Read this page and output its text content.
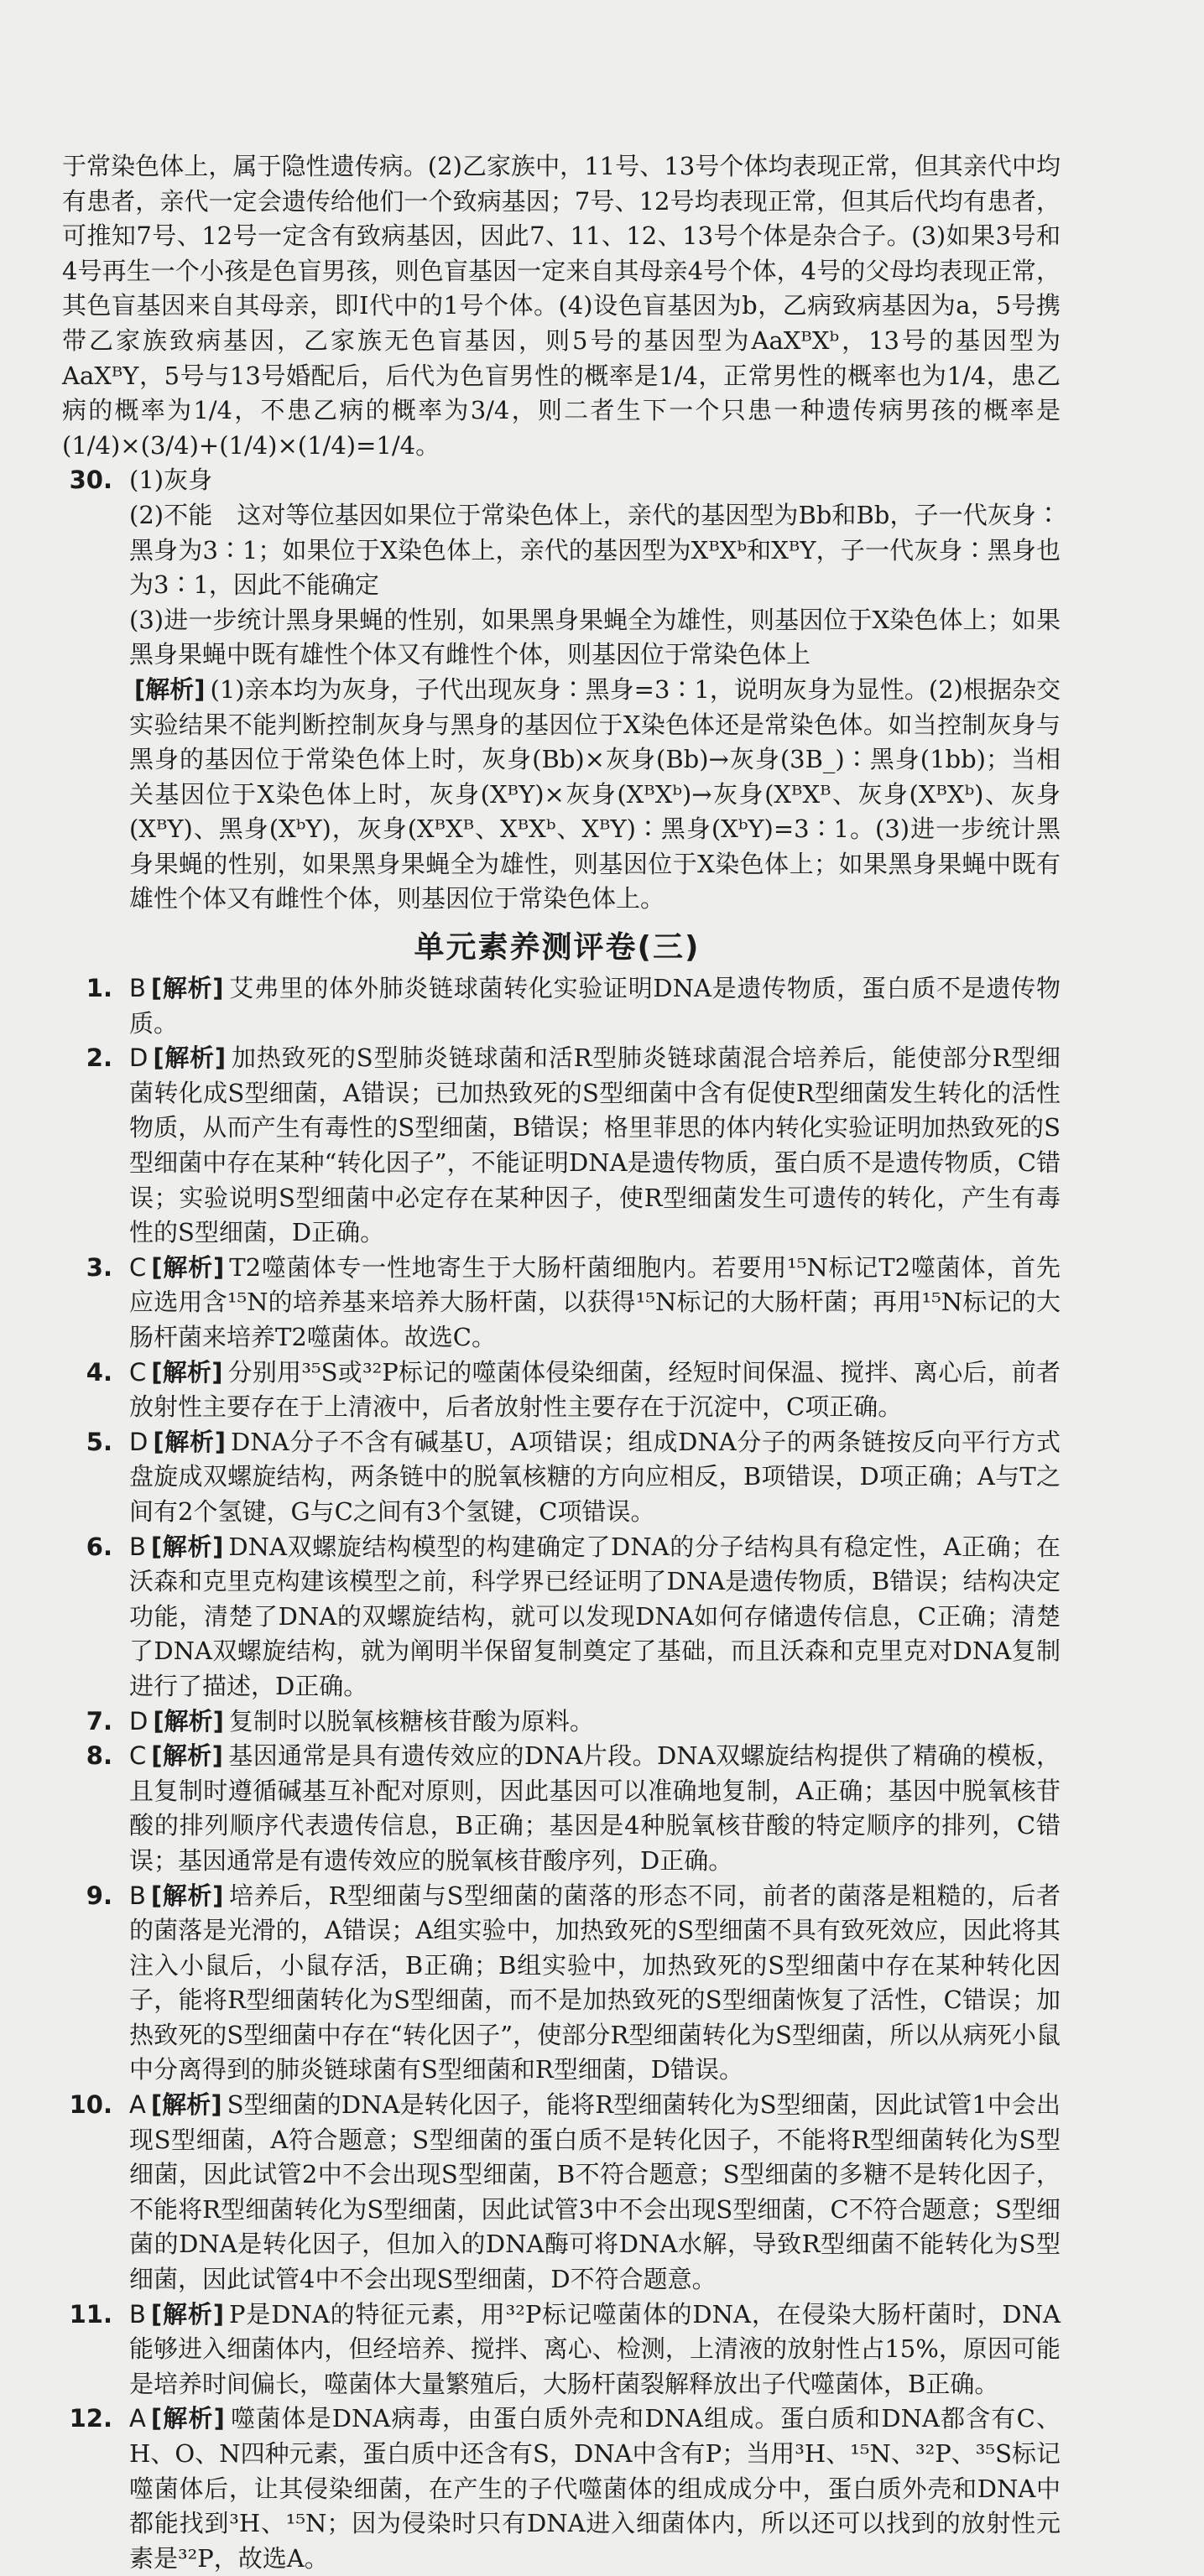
于常染色体上，属于隐性遗传病。(2)乙家族中，11号、13号个体均表现正常，但其亲代中均有患者，亲代一定会遗传给他们一个致病基因；7号、12号均表现正常，但其后代均有患者，可推知7号、12号一定含有致病基因，因此7、11、12、13号个体是杂合子。(3)如果3号和4号再生一个小孩是色盲男孩，则色盲基因一定来自其母亲4号个体，4号的父母均表现正常，其色盲基因来自其母亲，即Ⅰ代中的1号个体。(4)设色盲基因为b，乙病致病基因为a，5号携带乙家族致病基因，乙家族无色盲基因，则5号的基因型为AaXᴮXᵇ，13号的基因型为AaXᴮY，5号与13号婚配后，后代为色盲男性的概率是1/4，正常男性的概率也为1/4，患乙病的概率为1/4，不患乙病的概率为3/4，则二者生下一个只患一种遗传病男孩的概率是(1/4)×(3/4)+(1/4)×(1/4)=1/4。

30. (1)灰身
(2)不能　这对等位基因如果位于常染色体上，亲代的基因型为Bb和Bb，子一代灰身∶黑身为3∶1；如果位于X染色体上，亲代的基因型为XᴮXᵇ和XᴮY，子一代灰身∶黑身也为3∶1，因此不能确定
(3)进一步统计黑身果蝇的性别，如果黑身果蝇全为雄性，则基因位于X染色体上；如果黑身果蝇中既有雄性个体又有雌性个体，则基因位于常染色体上
[解析] (1)亲本均为灰身，子代出现灰身∶黑身=3∶1，说明灰身为显性。(2)根据杂交实验结果不能判断控制灰身与黑身的基因位于X染色体还是常染色体。如当控制灰身与黑身的基因位于常染色体上时，灰身(Bb)×灰身(Bb)→灰身(3B_)∶黑身(1bb)；当相关基因位于X染色体上时，灰身(XᴮY)×灰身(XᴮXᵇ)→灰身(XᴮXᴮ、灰身(XᴮXᵇ)、灰身(XᴮY)、黑身(XᵇY)，灰身(XᴮXᴮ、XᴮXᵇ、XᴮY)∶黑身(XᵇY)=3∶1。(3)进一步统计黑身果蝇的性别，如果黑身果蝇全为雄性，则基因位于X染色体上；如果黑身果蝇中既有雄性个体又有雌性个体，则基因位于常染色体上。
单元素养测评卷(三)
1. B [解析] 艾弗里的体外肺炎链球菌转化实验证明DNA是遗传物质，蛋白质不是遗传物质。
2. D [解析] 加热致死的S型肺炎链球菌和活R型肺炎链球菌混合培养后，能使部分R型细菌转化成S型细菌，A错误；已加热致死的S型细菌中含有促使R型细菌发生转化的活性物质，从而产生有毒性的S型细菌，B错误；格里菲思的体内转化实验证明加热致死的S型细菌中存在某种“转化因子”，不能证明DNA是遗传物质，蛋白质不是遗传物质，C错误；实验说明S型细菌中必定存在某种因子，使R型细菌发生可遗传的转化，产生有毒性的S型细菌，D正确。
3. C [解析] T2噬菌体专一性地寄生于大肠杆菌细胞内。若要用¹⁵N标记T2噬菌体，首先应选用含¹⁵N的培养基来培养大肠杆菌，以获得¹⁵N标记的大肠杆菌；再用¹⁵N标记的大肠杆菌来培养T2噬菌体。故选C。
4. C [解析] 分别用³⁵S或³²P标记的噬菌体侵染细菌，经短时间保温、搅拌、离心后，前者放射性主要存在于上清液中，后者放射性主要存在于沉淀中，C项正确。
5. D [解析] DNA分子不含有碱基U，A项错误；组成DNA分子的两条链按反向平行方式盘旋成双螺旋结构，两条链中的脱氧核糖的方向应相反，B项错误，D项正确；A与T之间有2个氢键，G与C之间有3个氢键，C项错误。
6. B [解析] DNA双螺旋结构模型的构建确定了DNA的分子结构具有稳定性，A正确；在沃森和克里克构建该模型之前，科学界已经证明了DNA是遗传物质，B错误；结构决定功能，清楚了DNA的双螺旋结构，就可以发现DNA如何存储遗传信息，C正确；清楚了DNA双螺旋结构，就为阐明半保留复制奠定了基础，而且沃森和克里克对DNA复制进行了描述，D正确。
7. D [解析] 复制时以脱氧核糖核苷酸为原料。
8. C [解析] 基因通常是具有遗传效应的DNA片段。DNA双螺旋结构提供了精确的模板，且复制时遵循碱基互补配对原则，因此基因可以准确地复制，A正确；基因中脱氧核苷酸的排列顺序代表遗传信息，B正确；基因是4种脱氧核苷酸的特定顺序的排列，C错误；基因通常是有遗传效应的脱氧核苷酸序列，D正确。
9. B [解析] 培养后，R型细菌与S型细菌的菌落的形态不同，前者的菌落是粗糙的，后者的菌落是光滑的，A错误；A组实验中，加热致死的S型细菌不具有致死效应，因此将其注入小鼠后，小鼠存活，B正确；B组实验中，加热致死的S型细菌中存在某种转化因子，能将R型细菌转化为S型细菌，而不是加热致死的S型细菌恢复了活性，C错误；加热致死的S型细菌中存在“转化因子”，使部分R型细菌转化为S型细菌，所以从病死小鼠中分离得到的肺炎链球菌有S型细菌和R型细菌，D错误。
10. A [解析] S型细菌的DNA是转化因子，能将R型细菌转化为S型细菌，因此试管1中会出现S型细菌，A符合题意；S型细菌的蛋白质不是转化因子，不能将R型细菌转化为S型细菌，因此试管2中不会出现S型细菌，B不符合题意；S型细菌的多糖不是转化因子，不能将R型细菌转化为S型细菌，因此试管3中不会出现S型细菌，C不符合题意；S型细菌的DNA是转化因子，但加入的DNA酶可将DNA水解，导致R型细菌不能转化为S型细菌，因此试管4中不会出现S型细菌，D不符合题意。
11. B [解析] P是DNA的特征元素，用³²P标记噬菌体的DNA，在侵染大肠杆菌时，DNA能够进入细菌体内，但经培养、搅拌、离心、检测，上清液的放射性占15%，原因可能是培养时间偏长，噬菌体大量繁殖后，大肠杆菌裂解释放出子代噬菌体，B正确。
12. A [解析] 噬菌体是DNA病毒，由蛋白质外壳和DNA组成。蛋白质和DNA都含有C、H、O、N四种元素，蛋白质中还含有S，DNA中含有P；当用³H、¹⁵N、³²P、³⁵S标记噬菌体后，让其侵染细菌，在产生的子代噬菌体的组成成分中，蛋白质外壳和DNA中都能找到³H、¹⁵N；因为侵染时只有DNA进入细菌体内，所以还可以找到的放射性元素是³²P，故选A。
